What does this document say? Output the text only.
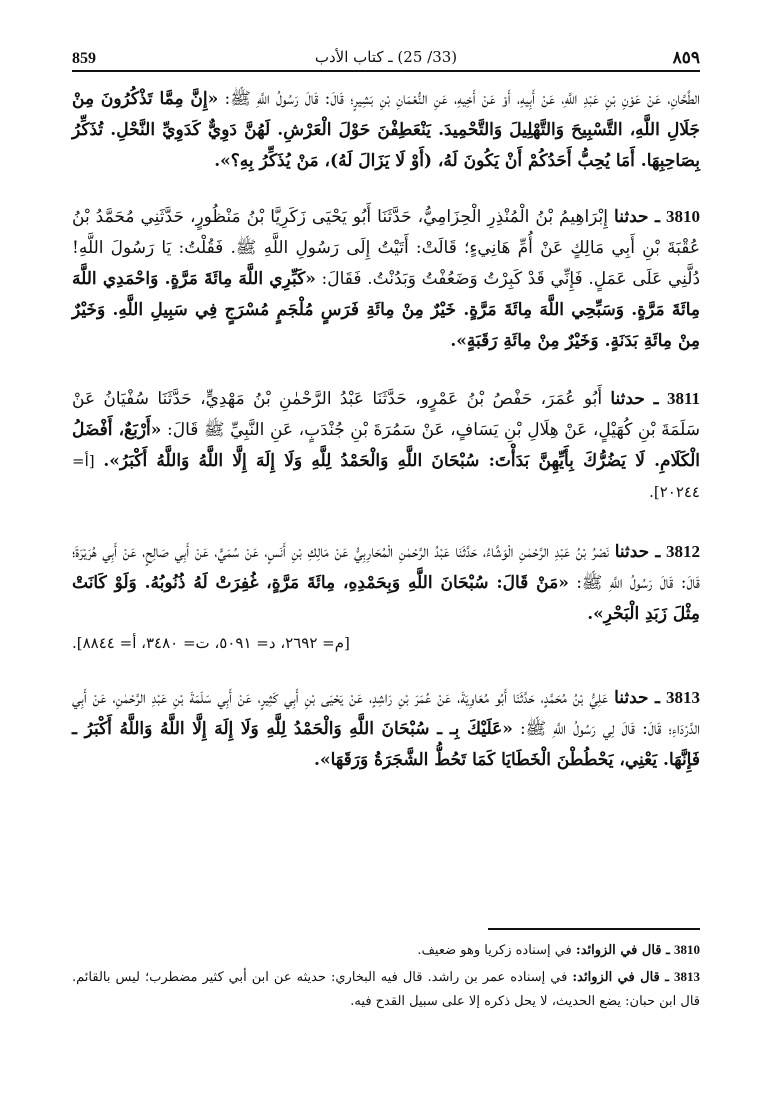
859	(33/ 25) ـ كتاب الأدب	٨٥٩

الطَّحَّانِ، عَنْ عَوْنِ بْنِ عَبْدِ اللَّهِ، عَنْ أَبِيهِ، أَوْ عَنْ أَخِيهِ، عَنِ النُّعْمَانِ بْنِ بَشِيرٍ؛ قَالَ: قَالَ رَسُولُ اللَّهِ ﷺ: «إِنَّ مِمَّا تَذْكُرُونَ مِنْ جَلَالِ اللَّهِ، التَّسْبِيحَ وَالتَّهْلِيلَ وَالتَّحْمِيدَ. يَنْعَطِفْنَ حَوْلَ الْعَرْشِ. لَهُنَّ دَوِيٌّ كَدَوِيِّ النَّحْلِ. تُذَكِّرُ بِصَاحِبِهَا. أَمَا يُحِبُّ أَحَدُكُمْ أَنْ يَكُونَ لَهُ، (أَوْ لَا يَزَالَ لَهُ)، مَنْ يُذَكِّرُ بِهِ؟».

3810 ـ حدثنا إِبْرَاهِيمُ بْنُ الْمُنْذِرِ الْحِزَامِيُّ، حَدَّثَنَا أَبُو يَحْيَى زَكَرِيَّا بْنُ مَنْظُورٍ، حَدَّثَنِي مُحَمَّدُ بْنُ عُقْبَةَ بْنِ أَبِي مَالِكٍ عَنْ أُمِّ هَانِيءٍ؛ قَالَتْ: أَتَيْتُ إِلَى رَسُولِ اللَّهِ ﷺ. فَقُلْتُ: يَا رَسُولَ اللَّهِ! دُلَّنِي عَلَى عَمَلٍ. فَإِنِّي قَدْ كَبِرْتُ وَضَعُفْتُ وَبَدُنْتُ. فَقَالَ: «كَبِّرِي اللَّهَ مِائَةَ مَرَّةٍ. وَاحْمَدِي اللَّهَ مِائَةَ مَرَّةٍ. وَسَبِّحِي اللَّهَ مِائَةَ مَرَّةٍ. خَيْرٌ مِنْ مِائَةِ فَرَسٍ مُلْجَمٍ مُسْرَجٍ فِي سَبِيلِ اللَّهِ. وَخَيْرٌ مِنْ مِائَةِ بَدَنَةٍ. وَخَيْرٌ مِنْ مِائَةِ رَقَبَةٍ».

3811 ـ حدثنا أَبُو عُمَرَ، حَفْصُ بْنُ عَمْرٍو، حَدَّثَنَا عَبْدُ الرَّحْمٰنِ بْنُ مَهْدِيٍّ، حَدَّثَنَا سُفْيَانُ عَنْ سَلَمَةَ بْنِ كُهَيْلٍ، عَنْ هِلَالِ بْنِ يَسَافٍ، عَنْ سَمُرَةَ بْنِ جُنْدَبٍ، عَنِ النَّبِيِّ ﷺ قَالَ: «أَرْبَعٌ، أَفْضَلُ الْكَلَامِ. لَا يَضُرُّكَ بِأَيِّهِنَّ بَدَأْتَ: سُبْحَانَ اللَّهِ وَالْحَمْدُ لِلَّهِ وَلَا إِلَهَ إِلَّا اللَّهُ وَاللَّهُ أَكْبَرُ». [أ= ٢٠٢٤٤].

3812 ـ حدثنا نَصْرُ بْنُ عَبْدِ الرَّحْمٰنِ الْوَشَّاءُ، حَدَّثَنَا عَبْدُ الرَّحْمٰنِ الْمُحَارِبِيُّ عَنْ مَالِكِ بْنِ أَنَسٍ، عَنْ سُمَيٍّ، عَنْ أَبِي صَالِحٍ، عَنْ أَبِي هُرَيْرَةَ؛ قَالَ: قَالَ رَسُولُ اللَّهِ ﷺ: «مَنْ قَالَ: سُبْحَانَ اللَّهِ وَبِحَمْدِهِ، مِائَةَ مَرَّةٍ، غُفِرَتْ لَهُ ذُنُوبُهُ. وَلَوْ كَانَتْ مِثْلَ زَبَدِ الْبَحْرِ».

[م= ٢٦٩٢، د= ٥٠٩١، ت= ٣٤٨٠، أ= ٨٨٤٤].

3813 ـ حدثنا عَلِيُّ بْنُ مُحَمَّدٍ، حَدَّثَنَا أَبُو مُعَاوِيَةَ، عَنْ عُمَرَ بْنِ رَاشِدٍ، عَنْ يَحْيَى بْنِ أَبِي كَثِيرٍ، عَنْ أَبِي سَلَمَةَ بْنِ عَبْدِ الرَّحْمٰنِ، عَنْ أَبِي الدَّرْدَاءِ؛ قَالَ: قَالَ لِي رَسُولُ اللَّهِ ﷺ: «عَلَيْكَ بِـ ـ سُبْحَانَ اللَّهِ وَالْحَمْدُ لِلَّهِ وَلَا إِلَهَ إِلَّا اللَّهُ وَاللَّهُ أَكْبَرُ ـ فَإِنَّهَا. يَعْنِي، يَحْطُطْنَ الْخَطَايَا كَمَا تَحُطُّ الشَّجَرَةُ وَرَقَهَا».

3810 ـ قال في الزوائد: في إسناده زكريا وهو ضعيف.

3813 ـ قال في الزوائد: في إسناده عمر بن راشد. قال فيه البخاري: حديثه عن ابن أبي كثير مضطرب؛ ليس بالقائم. قال ابن حبان: يضع الحديث، لا يحل ذكره إلا على سبيل القدح فيه.
